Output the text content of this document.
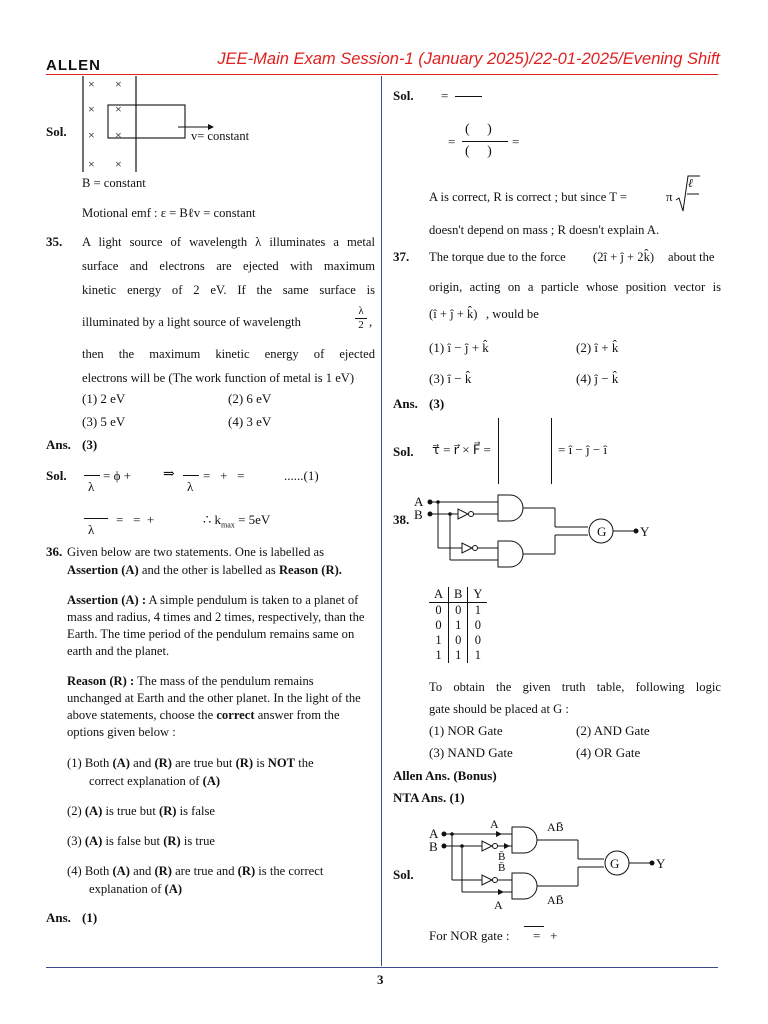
ALLEN	JEE-Main Exam Session-1 (January 2025)/22-01-2025/Evening Shift
Sol.
× ×
× ×
× ×
× ×
v= constant
B = constant
Motional emf : ε = Bℓv = constant
35. A light source of wavelength λ illuminates a metal
surface and electrons are ejected with maximum
kinetic energy of 2 eV. If the same surface is
illuminated by a light source of wavelength	$\frac{\lambda}{2}$ ,
then the maximum kinetic energy of ejected
electrons will be (The work function of metal is 1 eV)
(1) 2 eV	(2) 6 eV
(3) 5 eV	(4) 3 eV
Ans. (3)
Sol.
λ
= ϕ + ⇒
λ
=   +   =	......(1)
λ
=   =  +	∴ $k_{max} = 5eV$
36. Given below are two statements. One is labelled as
Assertion (A) and the other is labelled as Reason (R).
Assertion (A) : A simple pendulum is taken to a planet of mass and radius, 4 times and 2 times, respectively, than the Earth. The time period of the pendulum remains same on earth and the planet.
Reason (R) : The mass of the pendulum remains unchanged at Earth and the other planet. In the light of the above statements, choose the correct answer from the options given below :
(1) Both (A) and (R) are true but (R) is NOT the
correct explanation of (A)
(2) (A) is true but (R) is false
(3) (A) is false but (R) is true
(4) Both (A) and (R) are true and (R) is the correct
explanation of (A)
Ans. (1)
Sol. =
=
(     )
(     )
=
A is correct, R is correct ; but since T =	π
ℓ
doesn't depend on mass ; R doesn't explain A.
37. The torque due to the force (2î + ĵ + 2k̂) about the
origin, acting on a particle whose position vector is
(î + ĵ + k̂) , would be
(1) î − ĵ + k̂	(2) î + k̂
(3) î − k̂	(4) ĵ − k̂
Ans. (3)
Sol. τ⃗ = r⃗ × F⃗ =	= î − ĵ − î
38.
A
B
G	Y
A	B	Y
0	0	1
0	1	0
1	0	0
1	1	1
To obtain the given truth table, following logic
gate should be placed at G :
(1) NOR Gate	(2) AND Gate
(3) NAND Gate	(4) OR Gate
Allen Ans. (Bonus)
NTA Ans. (1)
Sol.
A
B
A
B̄
B̄
A
AB̄
AB̄
G	Y
For NOR gate : =   +
3
